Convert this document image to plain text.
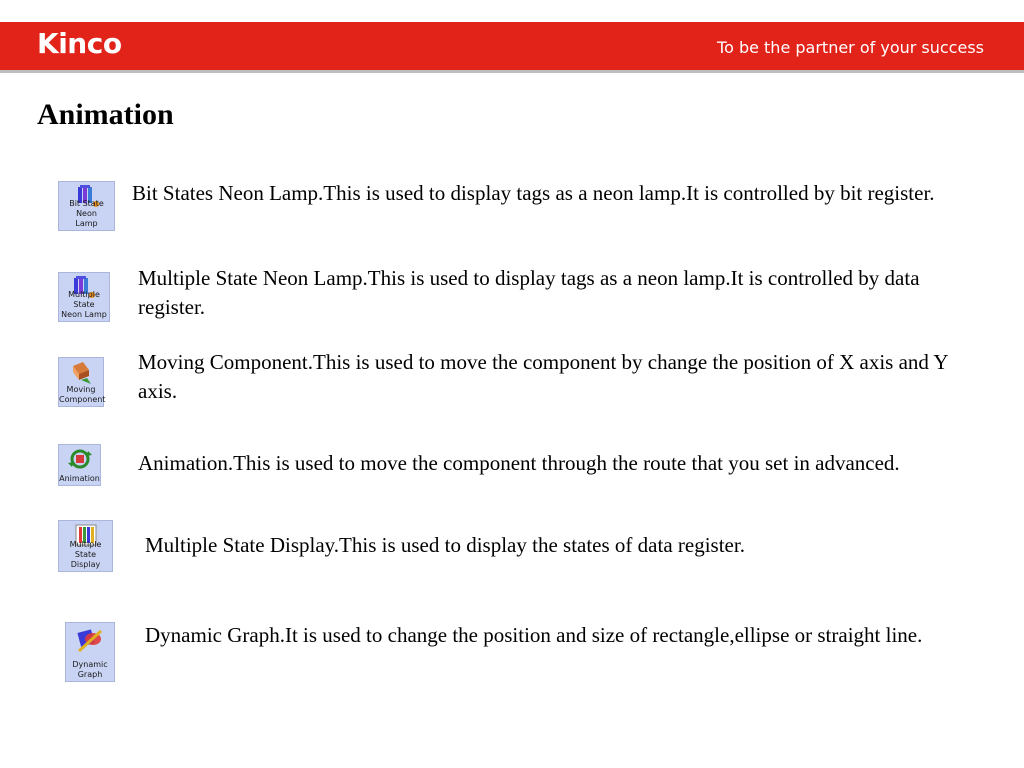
Kinco	To be the partner of your success
Animation
Bit State Neon
Lamp
Bit States Neon Lamp.This is used to display tags as a neon lamp.It is controlled by bit register.
Multiple State
Neon Lamp
Multiple State Neon Lamp.This is used to display tags as a neon lamp.It is controlled by data register.
Moving
Component
Moving Component.This is used to move the component by change the position of X axis and Y axis.
Animation
Animation.This is used to move the component through the route that you set in advanced.
Multiple State
Display
Multiple State Display.This is used to display the states of data register.
Dynamic
Graph
Dynamic Graph.It is used to change the position and size of rectangle,ellipse or straight line.
